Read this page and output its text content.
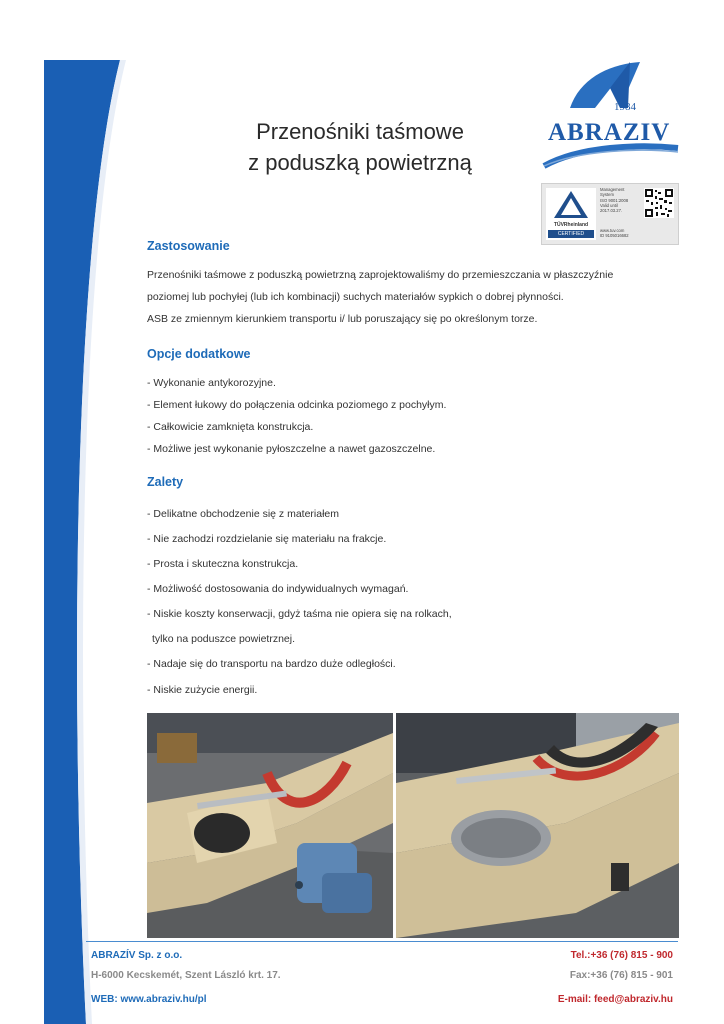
1984
ABRAZIV
TÜVRheinland
CERTIFIED
Management
System
ISO 9001:2008
Valid until
2017.03.27.
www.tuv.com
ID 9105016682
Przenośniki taśmowe
z poduszką powietrzną
Zastosowanie
Przenośniki taśmowe z poduszką powietrzną zaprojektowaliśmy do przemieszczania w płaszczyźnie
poziomej lub pochyłej (lub ich kombinacji) suchych materiałów sypkich o dobrej płynności.
ASB ze zmiennym kierunkiem transportu i/ lub poruszający się po określonym torze.
Opcje dodatkowe
- Wykonanie antykorozyjne.
- Element łukowy do połączenia odcinka poziomego z pochyłym.
- Całkowicie zamknięta konstrukcja.
- Możliwe jest wykonanie pyłoszczelne a nawet gazoszczelne.
Zalety
- Delikatne obchodzenie się z materiałem
- Nie zachodzi rozdzielanie się materiału na frakcje.
- Prosta i skuteczna konstrukcja.
- Możliwość dostosowania do indywidualnych wymagań.
- Niskie koszty konserwacji, gdyż taśma nie opiera się na rolkach,
tylko na poduszce powietrznej.
- Nadaje się do transportu na bardzo duże odległości.
- Niskie zużycie energii.
ABRAZÍV Sp. z o.o.
H-6000 Kecskemét, Szent László krt. 17.
WEB: www.abraziv.hu/pl
Tel.:+36 (76) 815 - 900
Fax:+36 (76) 815 - 901
E-mail: feed@abraziv.hu
